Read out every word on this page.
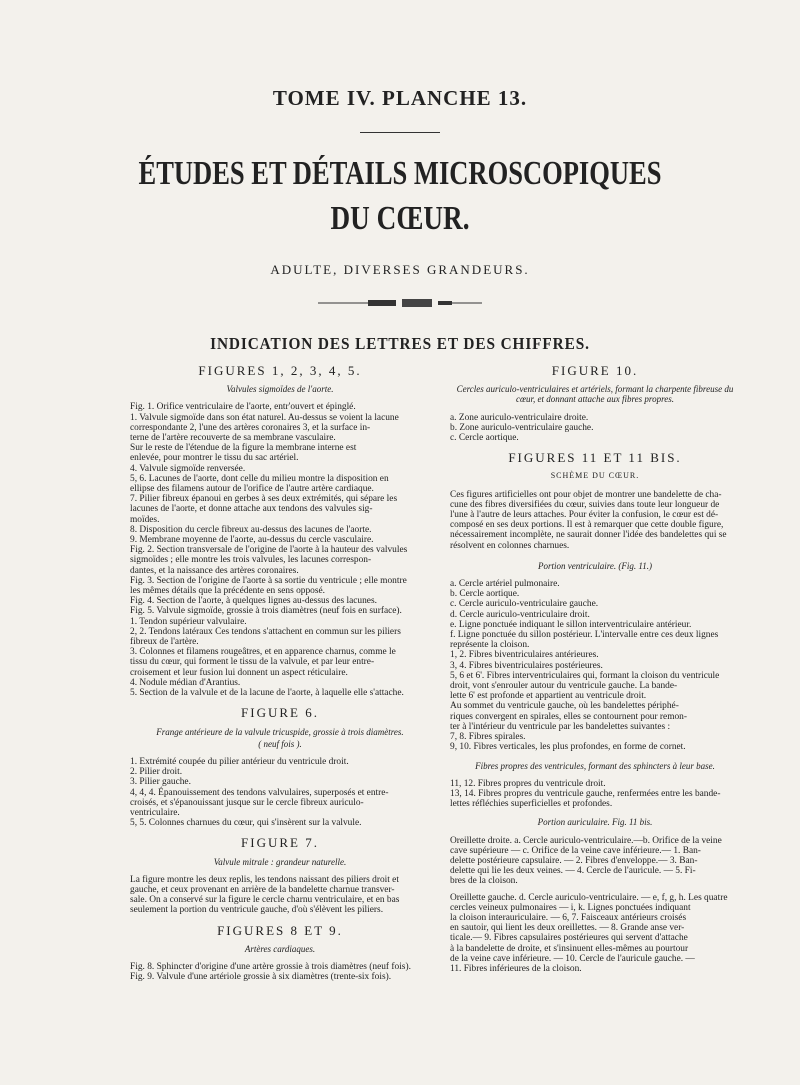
TOME IV. PLANCHE 13.
ÉTUDES ET DÉTAILS MICROSCOPIQUES
DU CŒUR.
ADULTE, DIVERSES GRANDEURS.
INDICATION DES LETTRES ET DES CHIFFRES.
FIGURES 1, 2, 3, 4, 5.
Valvules sigmoïdes de l'aorte.
Fig. 1. Orifice ventriculaire de l'aorte, entr'ouvert et épinglé.
1. Valvule sigmoïde dans son état naturel. Au-dessus se voient la lacune
correspondante 2, l'une des artères coronaires 3, et la surface in-
terne de l'artère recouverte de sa membrane vasculaire.
Sur le reste de l'étendue de la figure la membrane interne est
enlevée, pour montrer le tissu du sac artériel.
4. Valvule sigmoïde renversée.
5, 6. Lacunes de l'aorte, dont celle du milieu montre la disposition en
ellipse des filamens autour de l'orifice de l'autre artère cardiaque.
7. Pilier fibreux épanoui en gerbes à ses deux extrémités, qui sépare les
lacunes de l'aorte, et donne attache aux tendons des valvules sig-
moïdes.
8. Disposition du cercle fibreux au-dessus des lacunes de l'aorte.
9. Membrane moyenne de l'aorte, au-dessus du cercle vasculaire.
Fig. 2. Section transversale de l'origine de l'aorte à la hauteur des valvules
sigmoïdes ; elle montre les trois valvules, les lacunes correspon-
dantes, et la naissance des artères coronaires.
Fig. 3. Section de l'origine de l'aorte à sa sortie du ventricule ; elle montre
les mêmes détails que la précédente en sens opposé.
Fig. 4. Section de l'aorte, à quelques lignes au-dessus des lacunes.
Fig. 5. Valvule sigmoïde, grossie à trois diamètres (neuf fois en surface).
1. Tendon supérieur valvulaire.
2, 2. Tendons latéraux Ces tendons s'attachent en commun sur les piliers
fibreux de l'artère.
3. Colonnes et filamens rougeâtres, et en apparence charnus, comme le
tissu du cœur, qui forment le tissu de la valvule, et par leur entre-
croisement et leur fusion lui donnent un aspect réticulaire.
4. Nodule médian d'Arantius.
5. Section de la valvule et de la lacune de l'aorte, à laquelle elle s'attache.
FIGURE 6.
Frange antérieure de la valvule tricuspide, grossie à trois diamètres.
( neuf fois ).
1. Extrémité coupée du pilier antérieur du ventricule droit.
2. Pilier droit.
3. Pilier gauche.
4, 4, 4. Épanouissement des tendons valvulaires, superposés et entre-
croisés, et s'épanouissant jusque sur le cercle fibreux auriculo-
ventriculaire.
5, 5. Colonnes charnues du cœur, qui s'insèrent sur la valvule.
FIGURE 7.
Valvule mitrale : grandeur naturelle.
La figure montre les deux replis, les tendons naissant des piliers droit et
gauche, et ceux provenant en arrière de la bandelette charnue transver-
sale. On a conservé sur la figure le cercle charnu ventriculaire, et en bas
seulement la portion du ventricule gauche, d'où s'élèvent les piliers.
FIGURES 8 ET 9.
Artères cardiaques.
Fig. 8. Sphincter d'origine d'une artère grossie à trois diamètres (neuf fois).
Fig. 9. Valvule d'une artériole grossie à six diamètres (trente-six fois).
FIGURE 10.
Cercles auriculo-ventriculaires et artériels, formant la charpente fibreuse du cœur, et donnant attache aux fibres propres.
a. Zone auriculo-ventriculaire droite.
b. Zone auriculo-ventriculaire gauche.
c. Cercle aortique.
FIGURES 11 ET 11 BIS.
SCHÈME DU CŒUR.
Ces figures artificielles ont pour objet de montrer une bandelette de cha-
cune des fibres diversifiées du cœur, suivies dans toute leur longueur de
l'une à l'autre de leurs attaches. Pour éviter la confusion, le cœur est dé-
composé en ses deux portions. Il est à remarquer que cette double figure,
nécessairement incomplète, ne saurait donner l'idée des bandelettes qui se
résolvent en colonnes charnues.
Portion ventriculaire. (Fig. 11.)
a. Cercle artériel pulmonaire.
b. Cercle aortique.
c. Cercle auriculo-ventriculaire gauche.
d. Cercle auriculo-ventriculaire droit.
e. Ligne ponctuée indiquant le sillon interventriculaire antérieur.
f. Ligne ponctuée du sillon postérieur. L'intervalle entre ces deux lignes
représente la cloison.
1, 2. Fibres biventriculaires antérieures.
3, 4. Fibres biventriculaires postérieures.
5, 6 et 6'. Fibres interventriculaires qui, formant la cloison du ventricule
droit, vont s'enrouler autour du ventricule gauche. La bande-
lette 6' est profonde et appartient au ventricule droit.
Au sommet du ventricule gauche, où les bandelettes périphé-
riques convergent en spirales, elles se contournent pour remon-
ter à l'intérieur du ventricule par les bandelettes suivantes :
7, 8. Fibres spirales.
9, 10. Fibres verticales, les plus profondes, en forme de cornet.
Fibres propres des ventricules, formant des sphincters à leur base.
11, 12. Fibres propres du ventricule droit.
13, 14. Fibres propres du ventricule gauche, renfermées entre les bande-
lettes réfléchies superficielles et profondes.
Portion auriculaire. Fig. 11 bis.
Oreillette droite. a. Cercle auriculo-ventriculaire.—b. Orifice de la veine
cave supérieure — c. Orifice de la veine cave inférieure.— 1. Ban-
delette postérieure capsulaire. — 2. Fibres d'enveloppe.— 3. Ban-
delette qui lie les deux veines. — 4. Cercle de l'auricule. — 5. Fi-
bres de la cloison.
Oreillette gauche. d. Cercle auriculo-ventriculaire. — e, f, g, h. Les quatre
cercles veineux pulmonaires — i, k. Lignes ponctuées indiquant
la cloison interauriculaire. — 6, 7. Faisceaux antérieurs croisés
en sautoir, qui lient les deux oreillettes. — 8. Grande anse ver-
ticale.— 9. Fibres capsulaires postérieures qui servent d'attache
à la bandelette de droite, et s'insinuent elles-mêmes au pourtour
de la veine cave inférieure. — 10. Cercle de l'auricule gauche. —
11. Fibres inférieures de la cloison.
